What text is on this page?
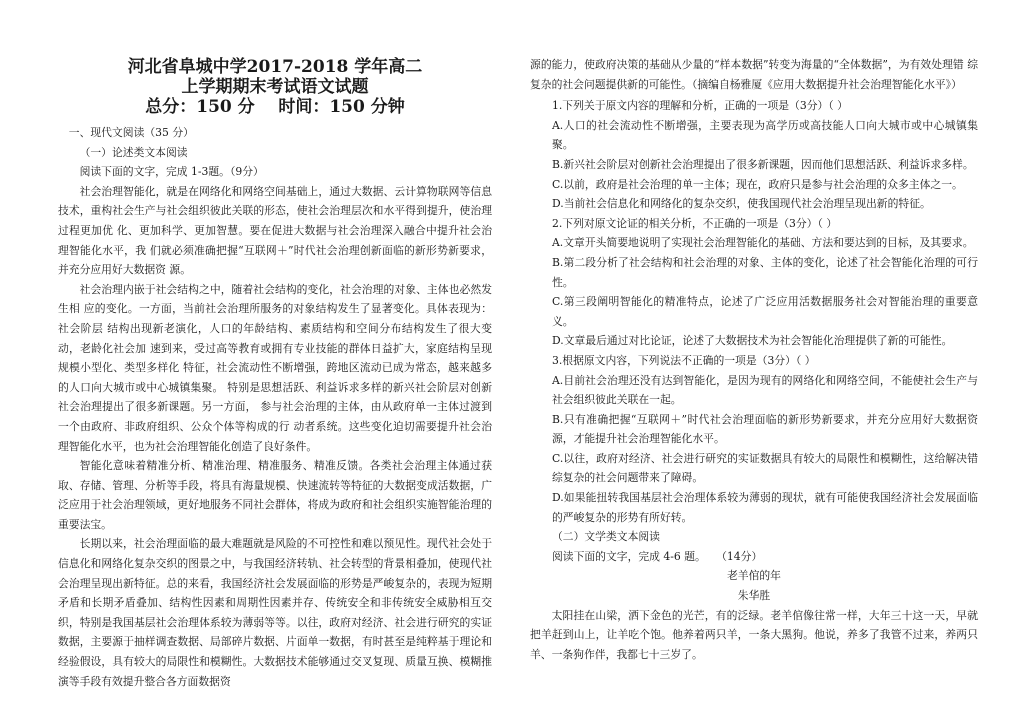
河北省阜城中学2017-2018 学年高二

上学期期末考试语文试题

总分：150 分    时间：150 分钟

一、现代文阅读（35 分）

（一）论述类文本阅读

阅读下面的文字，完成 1-3题。（9分）

社会治理智能化，就是在网络化和网络空间基础上，通过大数据、云计算物联网等信息技术，重构社会生产与社会组织彼此关联的形态，使社会治理层次和水平得到提升，使治理过程更加优 化、更加科学、更加智慧。要在促进大数据与社会治理深入融合中提升社会治理智能化水平，我 们就必须准确把握“互联网＋”时代社会治理创新面临的新形势新要求，并充分应用好大数据资 源。

社会治理内嵌于社会结构之中，随着社会结构的变化，社会治理的对象、主体也必然发生相 应的变化。一方面，当前社会治理所服务的对象结构发生了显著变化。具体表现为：社会阶层 结构出现新老演化，人口的年龄结构、素质结构和空间分布结构发生了很大变动，老龄化社会加 速到来，受过高等教育或拥有专业技能的群体日益扩大，家庭结构呈现规模小型化、类型多样化 特征，社会流动性不断增强，跨地区流动已成为常态，越来越多的人口向大城市或中心城镇集聚。 特别是思想活跃、利益诉求多样的新兴社会阶层对创新社会治理提出了很多新课题。另一方面， 参与社会治理的主体，由从政府单一主体过渡到一个由政府、非政府组织、公众个体等构成的行 动者系统。这些变化迫切需要提升社会治理智能化水平，也为社会治理智能化创造了良好条件。

智能化意味着精准分析、精准治理、精准服务、精准反馈。各类社会治理主体通过获取、存储、管理、分析等手段，将具有海量规模、快速流转等特征的大数据变成活数据，广泛应用于社会治理领域，更好地服务不同社会群体，将成为政府和社会组织实施智能治理的重要法宝。

长期以来，社会治理面临的最大难题就是风险的不可控性和难以预见性。现代社会处于信息化和网络化复杂交织的图景之中，与我国经济转轨、社会转型的背景相叠加，使现代社会治理呈现出新特征。总的来看，我国经济社会发展面临的形势是严峻复杂的，表现为短期矛盾和长期矛盾叠加、结构性因素和周期性因素并存、传统安全和非传统安全威胁相互交织，特别是我国基层社会治理体系较为薄弱等等。以往，政府对经济、社会进行研究的实证数据，主要源于抽样调查数据、局部碎片数据、片面单一数据，有时甚至是纯粹基于理论和经验假设，具有较大的局限性和模糊性。大数据技术能够通过交叉复现、质量互换、模糊推演等手段有效提升整合各方面数据资

源的能力，使政府决策的基础从少量的“样本数据”转变为海量的“全体数据”，为有效处理错 综复杂的社会问题提供新的可能性。（摘编自杨雅厦《应用大数据提升社会治理智能化水平》）

1.下列关于原文内容的理解和分析，正确的一项是（3分）（ ）

A.人口的社会流动性不断增强，主要表现为高学历或高技能人口向大城市或中心城镇集聚。

B.新兴社会阶层对创新社会治理提出了很多新课题，因而他们思想活跃、利益诉求多样。

C.以前，政府是社会治理的单一主体；现在，政府只是参与社会治理的众多主体之一。

D.当前社会信息化和网络化的复杂交织，使我国现代社会治理呈现出新的特征。

2.下列对原文论证的相关分析，不正确的一项是（3分）（ ）

A.文章开头简要地说明了实现社会治理智能化的基础、方法和要达到的目标，及其要求。

B.第二段分析了社会结构和社会治理的对象、主体的变化，论述了社会智能化治理的可行性。

C.第三段阐明智能化的精准特点，论述了广泛应用活数据服务社会对智能治理的重要意义。

D.文章最后通过对比论证，论述了大数据技术为社会智能化治理提供了新的可能性。

3.根据原文内容，下列说法不正确的一项是（3分）（ ）

A.目前社会治理还没有达到智能化，是因为现有的网络化和网络空间，不能使社会生产与社会组织彼此关联在一起。

B.只有准确把握“互联网＋”时代社会治理面临的新形势新要求，并充分应用好大数据资源，才能提升社会治理智能化水平。

C.以往，政府对经济、社会进行研究的实证数据具有较大的局限性和模糊性，这给解决错综复杂的社会问题带来了障碍。

D.如果能扭转我国基层社会治理体系较为薄弱的现状，就有可能使我国经济社会发展面临的严峻复杂的形势有所好转。

（二）文学类文本阅读

阅读下面的文字，完成 4-6 题。   （14分）

老羊倌的年

朱华胜

太阳挂在山梁，洒下金色的光芒，有的泛绿。老羊倌像往常一样，大年三十这一天，早就把羊赶到山上，让羊吃个饱。他养着两只羊，一条大黑狗。他说，养多了我管不过来，养两只羊、一条狗作伴，我都七十三岁了。
